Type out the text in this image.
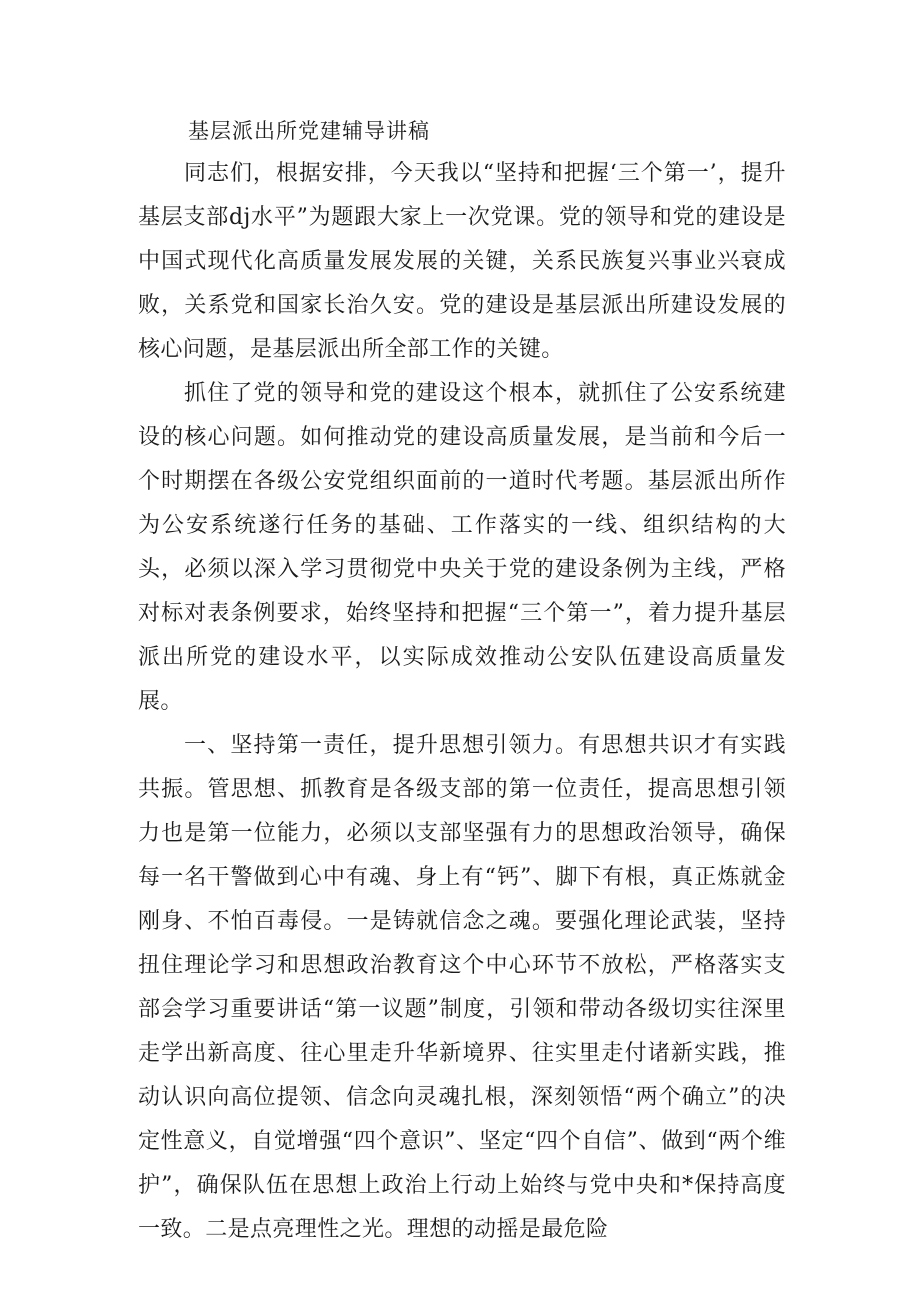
基层派出所党建辅导讲稿

同志们，根据安排，今天我以“坚持和把握‘三个第一’，提升基层支部dj水平”为题跟大家上一次党课。党的领导和党的建设是中国式现代化高质量发展发展的关键，关系民族复兴事业兴衰成败，关系党和国家长治久安。党的建设是基层派出所建设发展的核心问题，是基层派出所全部工作的关键。

抓住了党的领导和党的建设这个根本，就抓住了公安系统建设的核心问题。如何推动党的建设高质量发展，是当前和今后一个时期摆在各级公安党组织面前的一道时代考题。基层派出所作为公安系统遂行任务的基础、工作落实的一线、组织结构的大头，必须以深入学习贯彻党中央关于党的建设条例为主线，严格对标对表条例要求，始终坚持和把握“三个第一”，着力提升基层派出所党的建设水平，以实际成效推动公安队伍建设高质量发展。

一、坚持第一责任，提升思想引领力。有思想共识才有实践共振。管思想、抓教育是各级支部的第一位责任，提高思想引领力也是第一位能力，必须以支部坚强有力的思想政治领导，确保每一名干警做到心中有魂、身上有“钙”、脚下有根，真正炼就金刚身、不怕百毒侵。一是铸就信念之魂。要强化理论武装，坚持扭住理论学习和思想政治教育这个中心环节不放松，严格落实支部会学习重要讲话“第一议题”制度，引领和带动各级切实往深里走学出新高度、往心里走升华新境界、往实里走付诸新实践，推动认识向高位提领、信念向灵魂扎根，深刻领悟“两个确立”的决定性意义，自觉增强“四个意识”、坚定“四个自信”、做到“两个维护”，确保队伍在思想上政治上行动上始终与党中央和*保持高度一致。二是点亮理性之光。理想的动摇是最危险
